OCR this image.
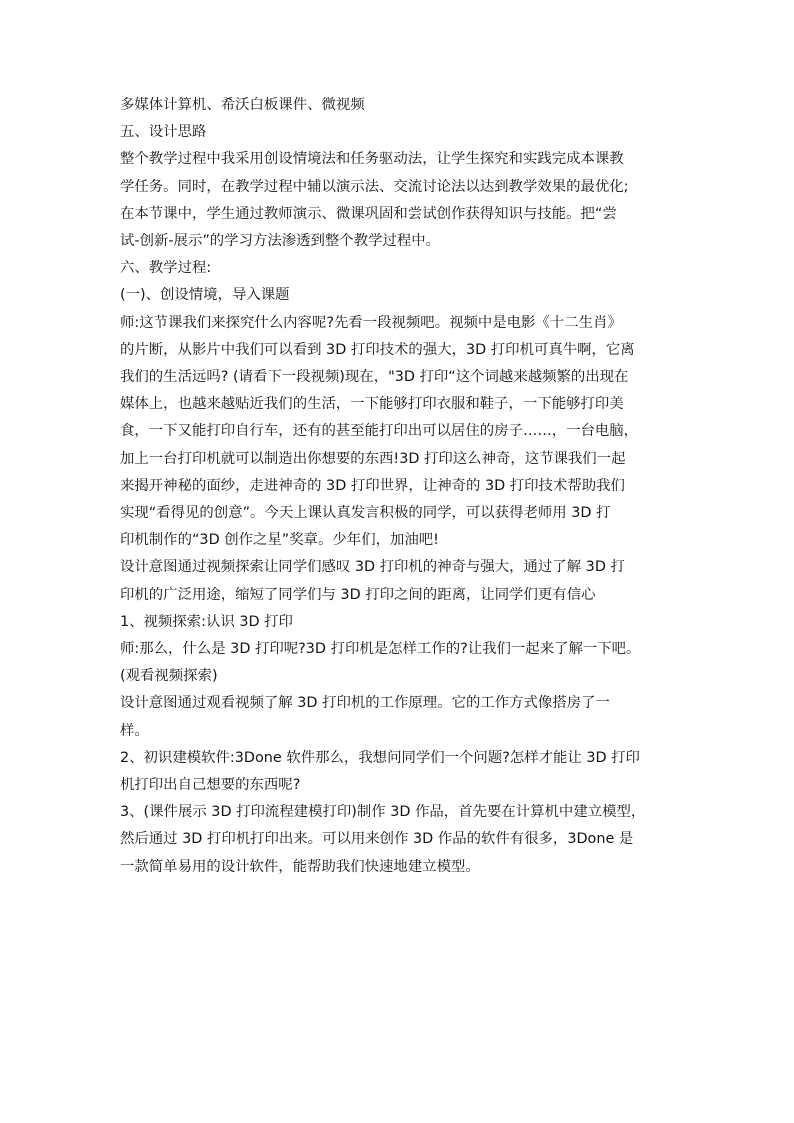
多媒体计算机、希沃白板课件、微视频
五、设计思路
整个教学过程中我采用创设情境法和任务驱动法，让学生探究和实践完成本课教
学任务。同时，在教学过程中辅以演示法、交流讨论法以达到教学效果的最优化;
在本节课中，学生通过教师演示、微课巩固和尝试创作获得知识与技能。把“尝
试-创新-展示”的学习方法渗透到整个教学过程中。
六、教学过程:
(一)、创设情境，导入课题
师:这节课我们来探究什么内容呢?先看一段视频吧。视频中是电影《十二生肖》
的片断，从影片中我们可以看到 3D 打印技术的强大，3D 打印机可真牛啊，它离
我们的生活远吗? (请看下一段视频)现在，"3D 打印“这个词越来越频繁的出现在
媒体上，也越来越贴近我们的生活，一下能够打印衣服和鞋子，一下能够打印美
食，一下又能打印自行车，还有的甚至能打印出可以居住的房子……，一台电脑，
加上一台打印机就可以制造出你想要的东西!3D 打印这么神奇，这节课我们一起
来揭开神秘的面纱，走进神奇的 3D 打印世界，让神奇的 3D 打印技术帮助我们
实现“看得见的创意”。今天上课认真发言积极的同学，可以获得老师用 3D 打
印机制作的“3D 创作之星”奖章。少年们，加油吧!
设计意图通过视频探索让同学们感叹 3D 打印机的神奇与强大，通过了解 3D 打
印机的广泛用途，缩短了同学们与 3D 打印之间的距离，让同学们更有信心
1、视频探索:认识 3D 打印
师:那么，什么是 3D 打印呢?3D 打印机是怎样工作的?让我们一起来了解一下吧。
(观看视频探索)
设计意图通过观看视频了解 3D 打印机的工作原理。它的工作方式像搭房了一
样。
2、初识建模软件:3Done 软件那么，我想问同学们一个问题?怎样才能让 3D 打印
机打印出自己想要的东西呢?
3、(课件展示 3D 打印流程建模打印)制作 3D 作品，首先要在计算机中建立模型，
然后通过 3D 打印机打印出来。可以用来创作 3D 作品的软件有很多，3Done 是
一款简单易用的设计软件，能帮助我们快速地建立模型。
